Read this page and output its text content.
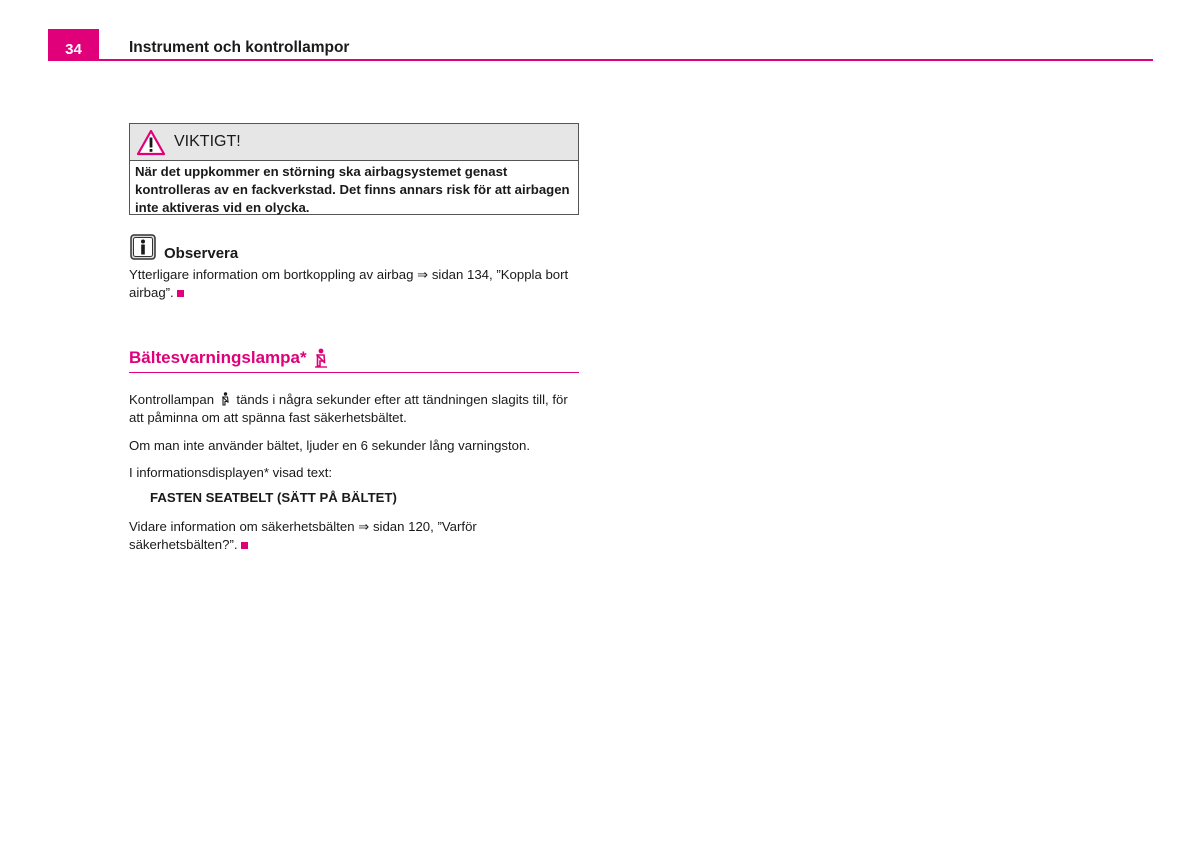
34	Instrument och kontrollampor
VIKTIGT!
När det uppkommer en störning ska airbagsystemet genast kontrolleras av en fackverkstad. Det finns annars risk för att airbagen inte aktiveras vid en olycka.
Observera
Ytterligare information om bortkoppling av airbag ⇒ sidan 134, ”Koppla bort airbag”.
Bältesvarningslampa*
Kontrollampan tänds i några sekunder efter att tändningen slagits till, för att påminna om att spänna fast säkerhetsbältet.
Om man inte använder bältet, ljuder en 6 sekunder lång varningston.
I informationsdisplayen* visad text:
FASTEN SEATBELT (SÄTT PÅ BÄLTET)
Vidare information om säkerhetsbälten ⇒ sidan 120, ”Varför säkerhetsbälten?”.
